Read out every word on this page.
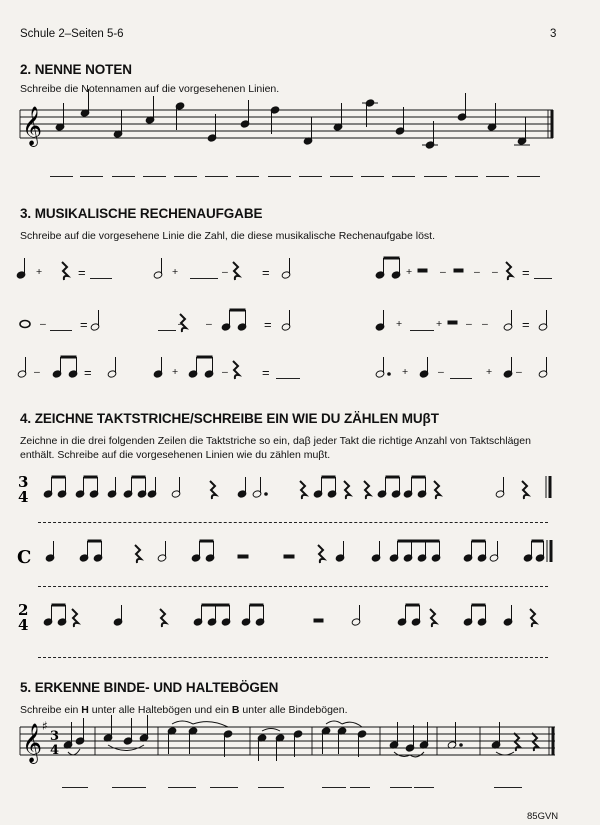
Schule 2–Seiten 5-6	3
2. NENNE NOTEN
Schreibe die Notennamen auf die vorgesehenen Linien.
𝄞
𝄞 ♯
3
4
C
2
4
3
4
3. MUSIKALISCHE RECHENAUFGABE
Schreibe auf die vorgesehene Linie die Zahl, die diese musikalische Rechenaufgabe löst.
+	=	+	–	=	+	–	– – =
–	=	– –	=	+	+ – –	=
–	=	+	–	=	+	–	+ –
4. ZEICHNE TAKTSTRICHE/SCHREIBE EIN WIE DU ZÄHLEN MUβT
Zeichne in die drei folgenden Zeilen die Taktstriche so ein, daβ jeder Takt die richtige Anzahl von Taktschlägen
enthält. Schreibe auf die vorgesehenen Linien wie du zählen muβt.
5. ERKENNE BINDE- UND HALTEBÖGEN
Schreibe ein H unter alle Haltebögen und ein B unter alle Bindebögen.
85GVN
